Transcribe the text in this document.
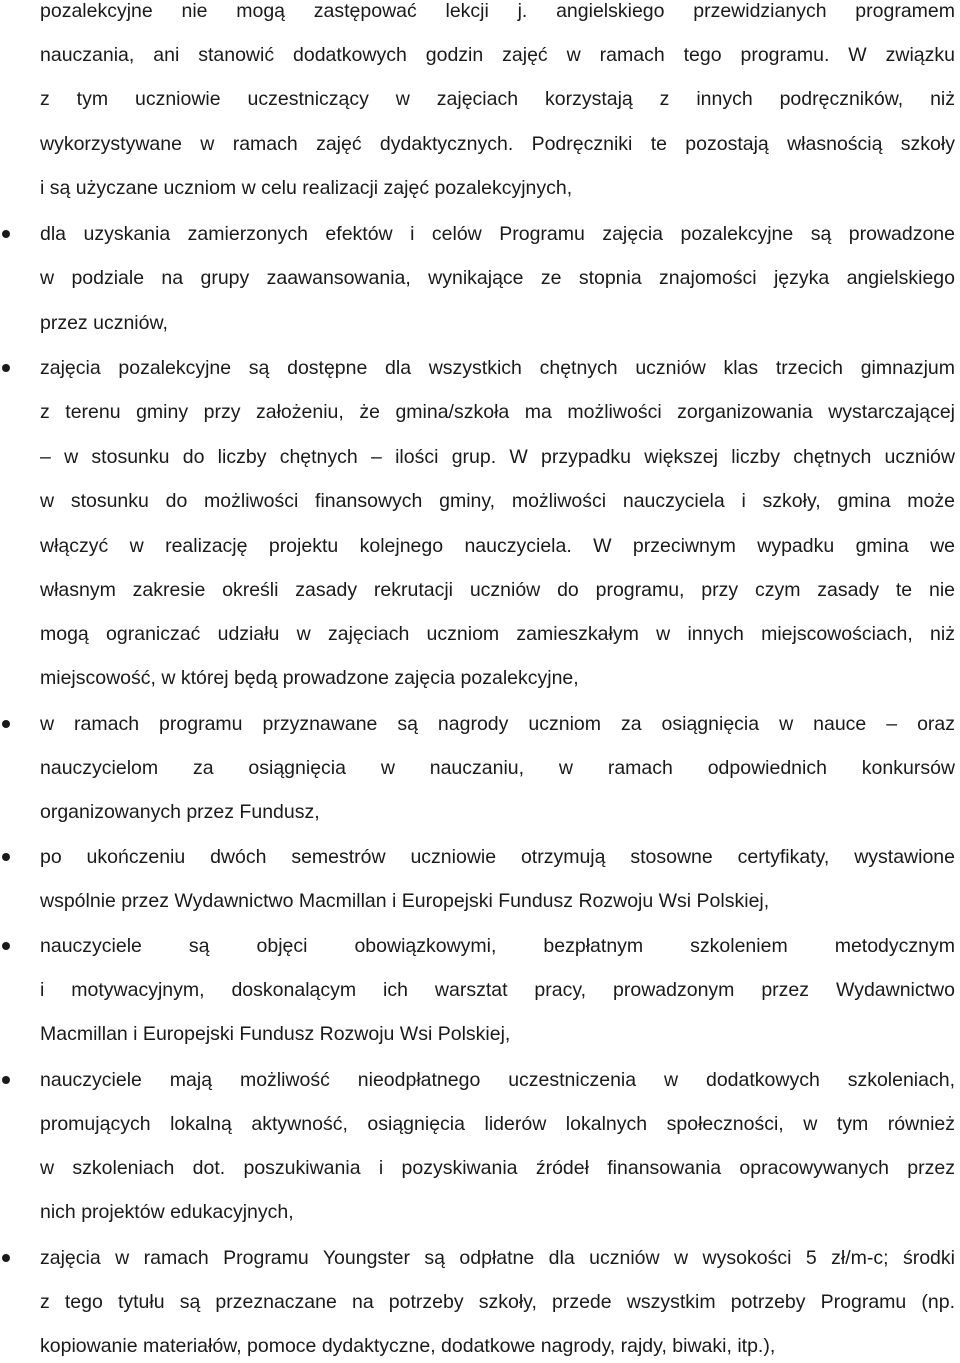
pozalekcyjne nie mogą zastępować lekcji j. angielskiego przewidzianych programem
nauczania, ani stanowić dodatkowych godzin zajęć w ramach tego programu. W związku
z tym uczniowie uczestniczący w zajęciach korzystają z innych podręczników, niż
wykorzystywane w ramach zajęć dydaktycznych. Podręczniki te pozostają własnością szkoły
i są użyczane uczniom w celu realizacji zajęć pozalekcyjnych,
dla uzyskania zamierzonych efektów i celów Programu zajęcia pozalekcyjne są prowadzone
w podziale na grupy zaawansowania, wynikające ze stopnia znajomości języka angielskiego
przez uczniów,
zajęcia pozalekcyjne są dostępne dla wszystkich chętnych uczniów klas trzecich gimnazjum
z terenu gminy przy założeniu, że gmina/szkoła ma możliwości zorganizowania wystarczającej
– w stosunku do liczby chętnych – ilości grup. W przypadku większej liczby chętnych uczniów
w stosunku do możliwości finansowych gminy, możliwości nauczyciela i szkoły, gmina może
włączyć w realizację projektu kolejnego nauczyciela. W przeciwnym wypadku gmina we
własnym zakresie określi zasady rekrutacji uczniów do programu, przy czym zasady te nie
mogą ograniczać udziału w zajęciach uczniom zamieszkałym w innych miejscowościach, niż
miejscowość, w której będą prowadzone zajęcia pozalekcyjne,
w ramach programu przyznawane są nagrody uczniom za osiągnięcia w nauce – oraz
nauczycielom za osiągnięcia w nauczaniu, w ramach odpowiednich konkursów
organizowanych przez Fundusz,
po ukończeniu dwóch semestrów uczniowie otrzymują stosowne certyfikaty, wystawione
wspólnie przez Wydawnictwo Macmillan i Europejski Fundusz Rozwoju Wsi Polskiej,
nauczyciele są objęci obowiązkowymi, bezpłatnym szkoleniem metodycznym
i motywacyjnym, doskonalącym ich warsztat pracy, prowadzonym przez Wydawnictwo
Macmillan i Europejski Fundusz Rozwoju Wsi Polskiej,
nauczyciele mają możliwość nieodpłatnego uczestniczenia w dodatkowych szkoleniach,
promujących lokalną aktywność, osiągnięcia liderów lokalnych społeczności, w tym również
w szkoleniach dot. poszukiwania i pozyskiwania źródeł finansowania opracowywanych przez
nich projektów edukacyjnych,
zajęcia w ramach Programu Youngster są odpłatne dla uczniów w wysokości 5 zł/m-c; środki
z tego tytułu są przeznaczane na potrzeby szkoły, przede wszystkim potrzeby Programu (np.
kopiowanie materiałów, pomoce dydaktyczne, dodatkowe nagrody, rajdy, biwaki, itp.),
